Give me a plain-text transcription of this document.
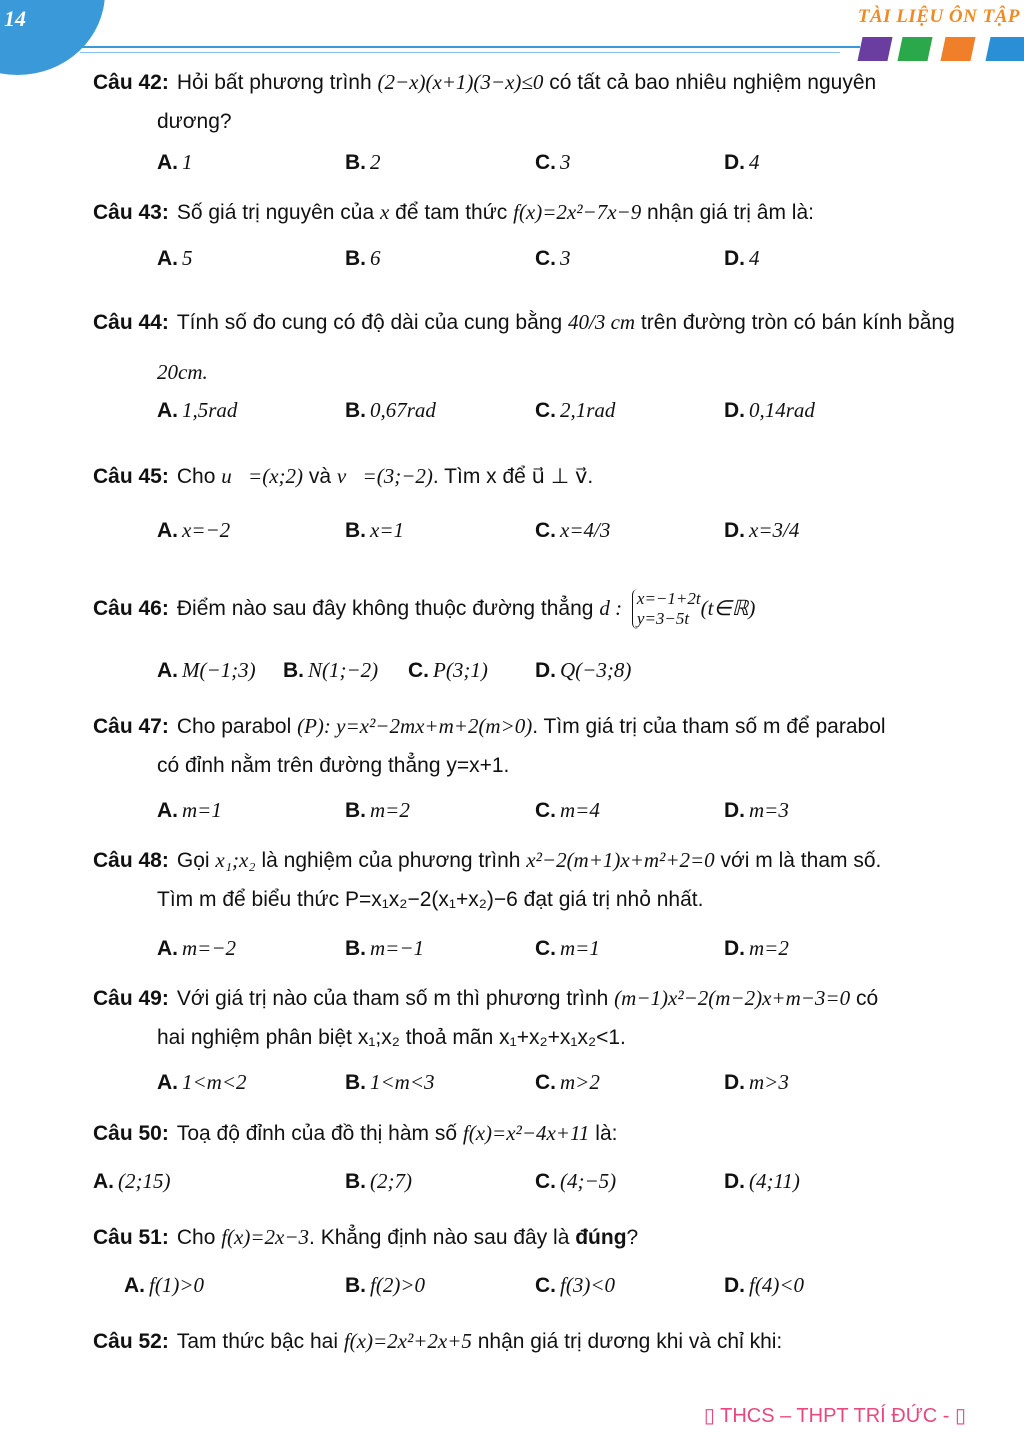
14	TÀI LIỆU ÔN TẬP
Câu 42: Hỏi bất phương trình (2−x)(x+1)(3−x)≤0 có tất cả bao nhiêu nghiệm nguyên
dương?
A. 1	B. 2	C. 3	D. 4
Câu 43: Số giá trị nguyên của x để tam thức f(x)=2x²−7x−9 nhận giá trị âm là:
A. 5	B. 6	C. 3	D. 4
Câu 44: Tính số đo cung có độ dài của cung bằng 40/3 cm trên đường tròn có bán kính bằng
20cm.
A. 1,5rad	B. 0,67rad	C. 2,1rad	D. 0,14rad
Câu 45: Cho u⃗=(x;2) và v⃗=(3;−2). Tìm x để u⃗ ⊥ v⃗.
A. x=−2	B. x=1	C. x=4/3	D. x=3/4
Câu 46: Điểm nào sau đây không thuộc đường thẳng d : x=−1+2t
y=3−5t (t∈ℝ)
A. M(−1;3) B. N(1;−2) C. P(3;1) D. Q(−3;8)
Câu 47: Cho parabol (P): y=x²−2mx+m+2(m>0). Tìm giá trị của tham số m để parabol
có đỉnh nằm trên đường thẳng y=x+1.
A. m=1	B. m=2	C. m=4	D. m=3
Câu 48: Gọi x₁;x₂ là nghiệm của phương trình x²−2(m+1)x+m²+2=0 với m là tham số.
Tìm m để biểu thức P=x₁x₂−2(x₁+x₂)−6 đạt giá trị nhỏ nhất.
A. m=−2	B. m=−1	C. m=1	D. m=2
Câu 49: Với giá trị nào của tham số m thì phương trình (m−1)x²−2(m−2)x+m−3=0 có
hai nghiệm phân biệt x₁;x₂ thoả mãn x₁+x₂+x₁x₂<1.
A. 1<m<2	B. 1<m<3	C. m>2	D. m>3
Câu 50: Toạ độ đỉnh của đồ thị hàm số f(x)=x²−4x+11 là:
A. (2;15)	B. (2;7)	C. (4;−5)	D. (4;11)
Câu 51: Cho f(x)=2x−3. Khẳng định nào sau đây là đúng?
A. f(1)>0	B. f(2)>0	C. f(3)<0	D. f(4)<0
Câu 52: Tam thức bậc hai f(x)=2x²+2x+5 nhận giá trị dương khi và chỉ khi:
▯ THCS – THPT TRÍ ĐỨC - ▯
